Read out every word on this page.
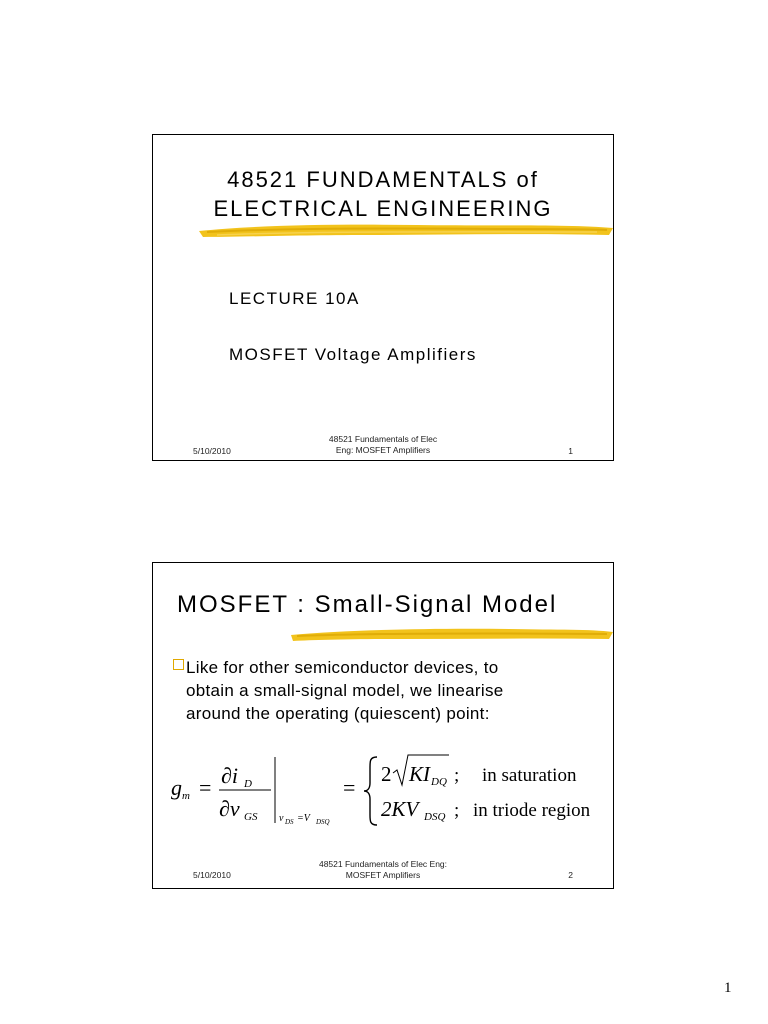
48521 FUNDAMENTALS of
ELECTRICAL ENGINEERING
LECTURE 10A
MOSFET Voltage Amplifiers
5/10/2010
48521 Fundamentals of Elec
Eng: MOSFET Amplifiers	1
MOSFET : Small-Signal Model
Like for other semiconductor devices, to
obtain a small-signal model, we linearise
around the operating (quiescent) point:
g m = ∂i D
∂v GS v DS =V DSQ
=
2 KI DQ ; in saturation
2KV DSQ ; in triode region
5/10/2010
48521 Fundamentals of Elec Eng:
MOSFET Amplifiers	2
1
